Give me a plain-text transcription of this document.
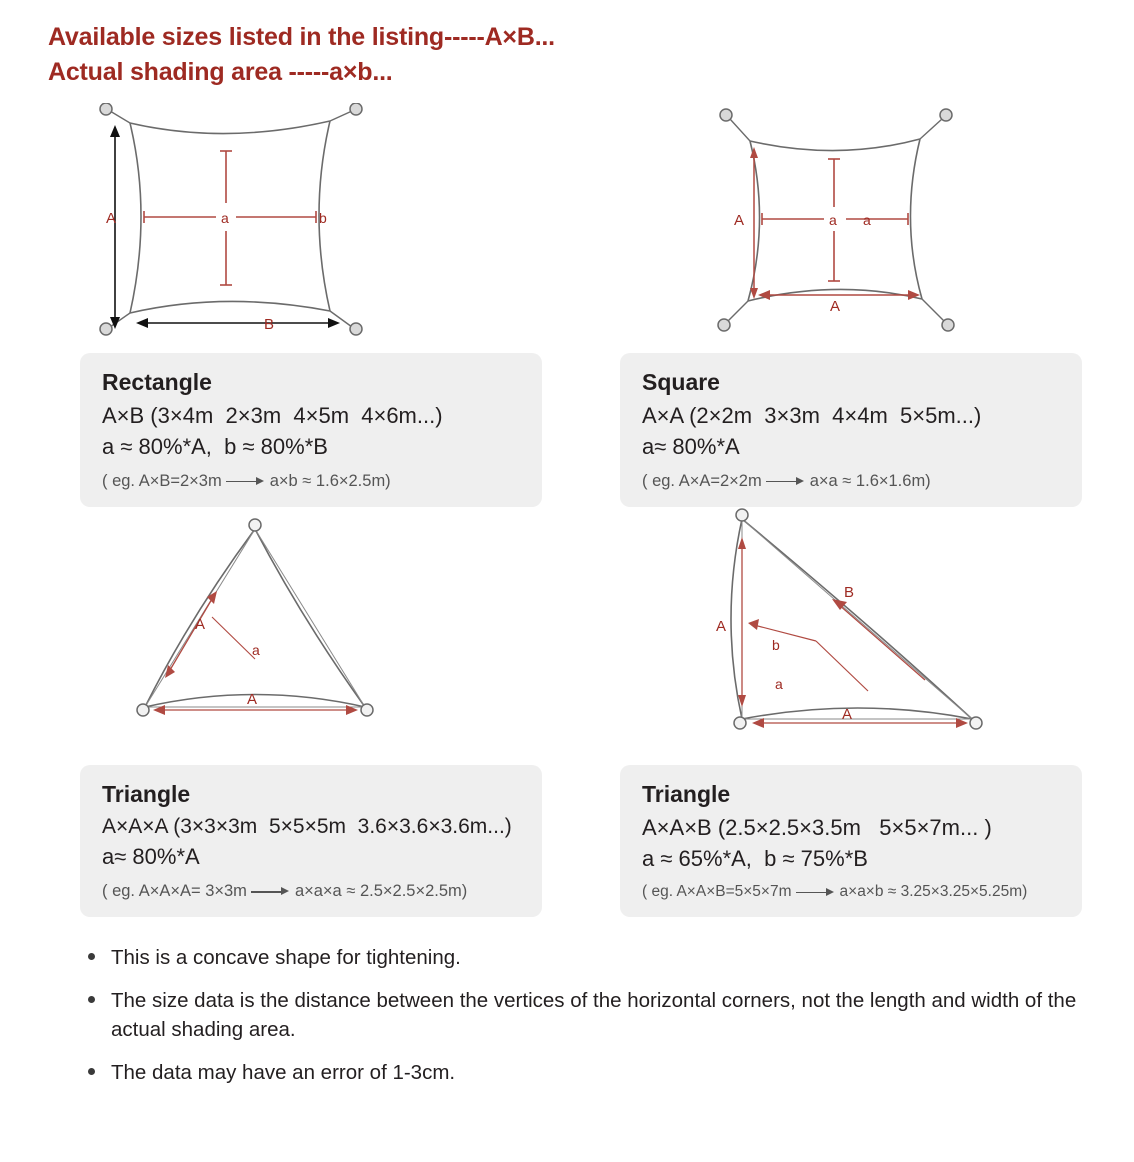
Available sizes listed in the listing-----A×B...
Actual shading area -----a×b...
A
B
a	b
Rectangle
A×B (3×4m  2×3m  4×5m  4×6m...)
a ≈ 80%*A,  b ≈ 80%*B
( eg. A×B=2×3m	a×b ≈ 1.6×2.5m)
A
A
a a
Square
A×A (2×2m  3×3m  4×4m  5×5m...)
a≈ 80%*A
( eg. A×A=2×2m	a×a ≈ 1.6×1.6m)
A
A
a
Triangle
A×A×A (3×3×3m  5×5×5m  3.6×3.6×3.6m...)
a≈ 80%*A
( eg. A×A×A= 3×3m	a×a×a ≈ 2.5×2.5×2.5m)
A
B
A
b
a
Triangle
A×A×B (2.5×2.5×3.5m   5×5×7m... )
a ≈ 65%*A,  b ≈ 75%*B
( eg. A×A×B=5×5×7m	a×a×b ≈ 3.25×3.25×5.25m)
This is a concave shape for tightening.
The size data is the distance between the vertices of the horizontal corners, not the length and width of the actual shading area.
The data may have an error of 1-3cm.
